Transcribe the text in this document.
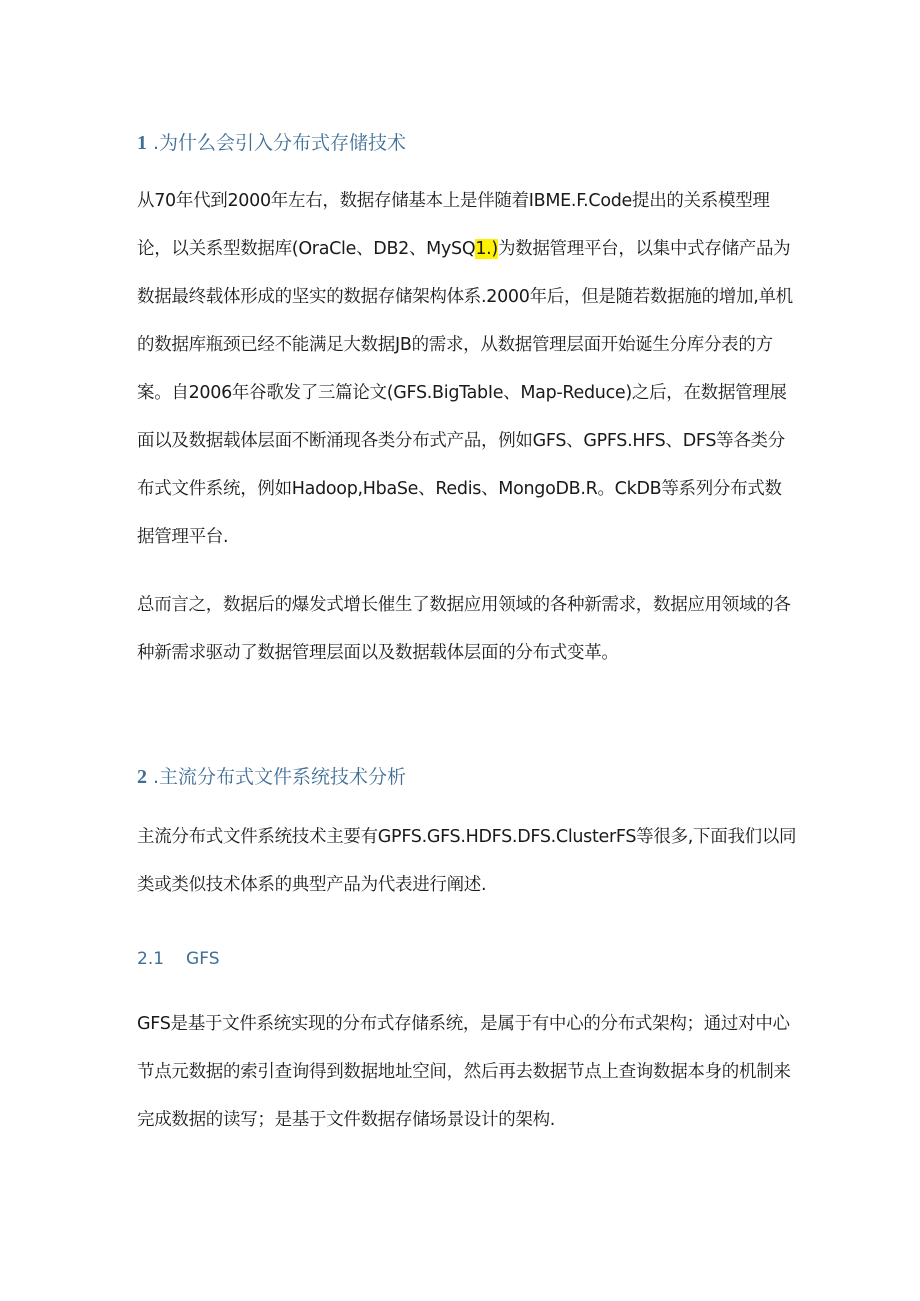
1 .为什么会引入分布式存储技术
从70年代到2000年左右，数据存储基本上是伴随着IBME.F.Code提出的关系模型理
论，以关系型数据库(OraCle、DB2、MySQ1.)为数据管理平台，以集中式存储产品为
数据最终载体形成的坚实的数据存储架构体系.2000年后，但是随若数据施的增加,单机
的数据库瓶颈已经不能满足大数据JB的需求，从数据管理层面开始诞生分库分表的方
案。自2006年谷歌发了三篇论文(GFS.BigTabIe、Map-Reduce)之后，在数据管理展
面以及数据载体层面不断涌现各类分布式产品，例如GFS、GPFS.HFS、DFS等各类分
布式文件系统，例如Hadoop,HbaSe、Redis、MongoDB.R。CkDB等系列分布式数
据管理平台.
总而言之，数据后的爆发式增长催生了数据应用领域的各种新需求，数据应用领域的各
种新需求驱动了数据管理层面以及数据载体层面的分布式变革。
2 .主流分布式文件系统技术分析
主流分布式文件系统技术主要有GPFS.GFS.HDFS.DFS.ClusterFS等很多,下面我们以同
类或类似技术体系的典型产品为代表进行阐述.
2.1 GFS
GFS是基于文件系统实现的分布式存储系统，是属于有中心的分布式架构；通过对中心
节点元数据的索引查询得到数据地址空间，然后再去数据节点上查询数据本身的机制来
完成数据的读写；是基于文件数据存储场景设计的架构.
